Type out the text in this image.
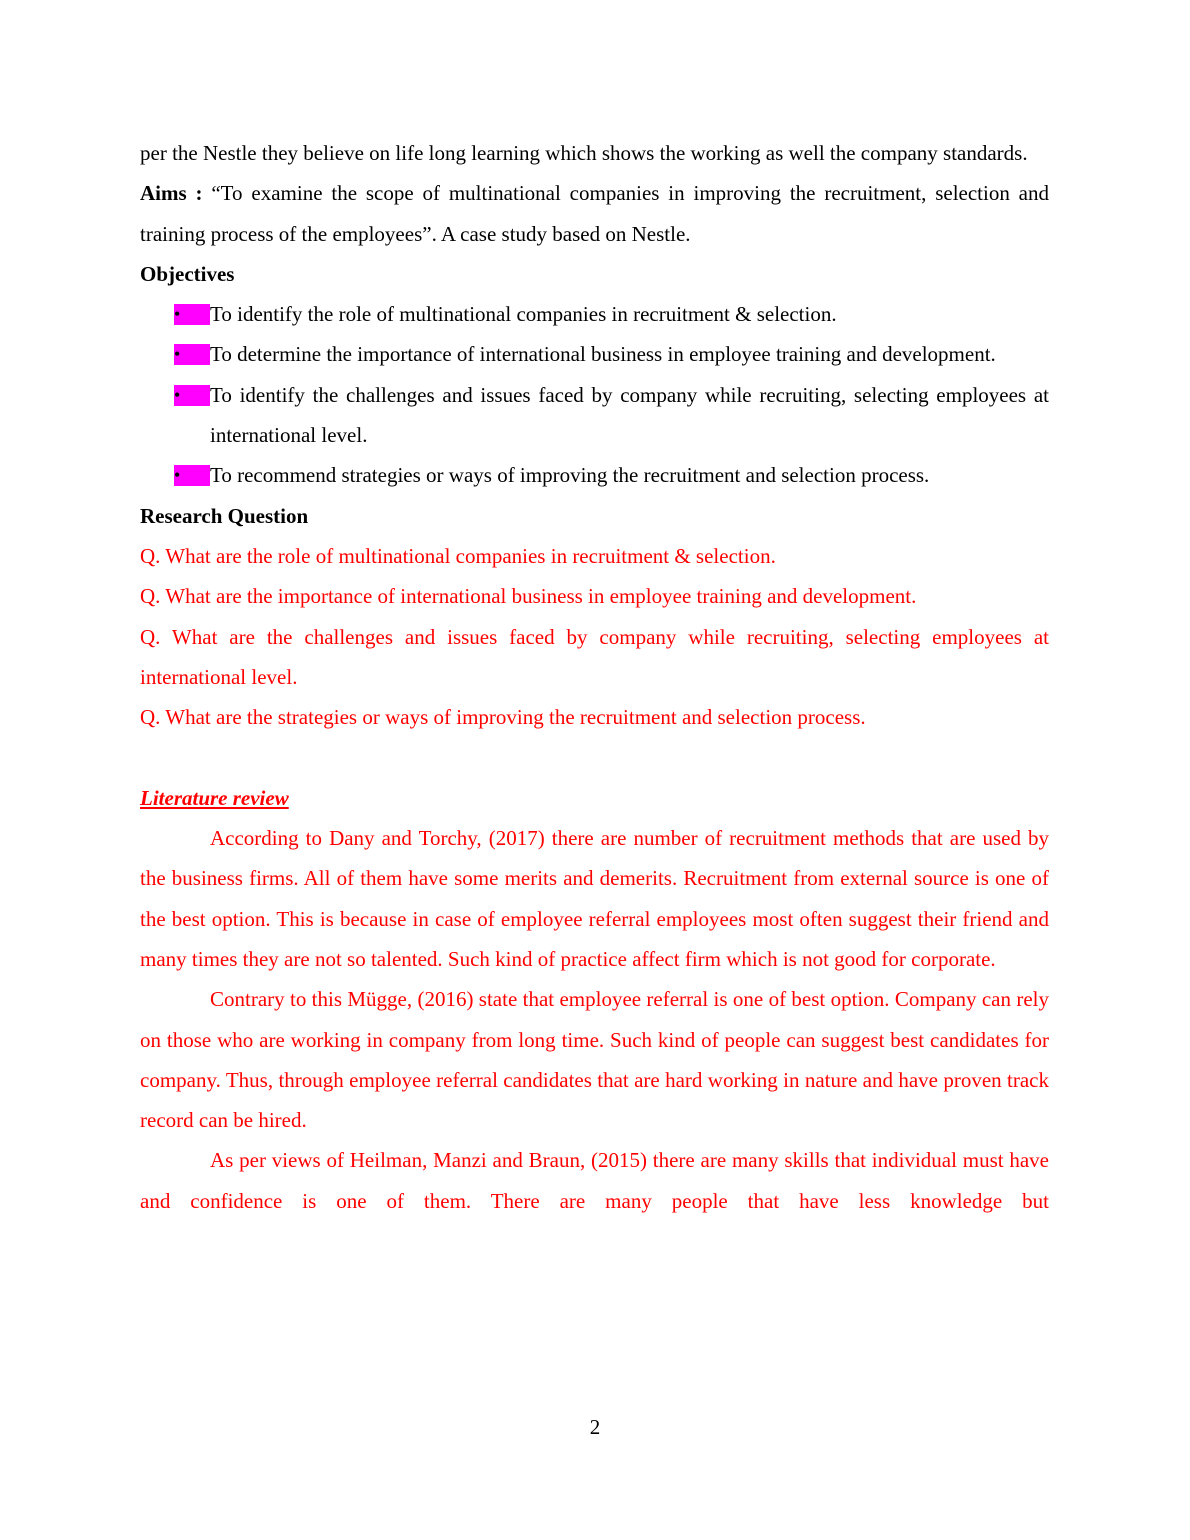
per the Nestle they believe on life long learning which shows the working as well the company standards.

Aims : “To examine the scope of multinational companies in improving the recruitment, selection and training process of the employees”. A case study based on Nestle.

Objectives

• To identify the role of multinational companies in recruitment & selection.
• To determine the importance of international business in employee training and development.
• To identify the challenges and issues faced by company while recruiting, selecting employees at international level.
• To recommend strategies or ways of improving the recruitment and selection process.

Research Question

Q. What are the role of multinational companies in recruitment & selection.

Q. What are the importance of international business in employee training and development.

Q. What are the challenges and issues faced by company while recruiting, selecting employees at international level.

Q. What are the strategies or ways of improving the recruitment and selection process.

Literature review

According to Dany and Torchy, (2017) there are number of recruitment methods that are used by the business firms. All of them have some merits and demerits. Recruitment from external source is one of the best option. This is because in case of employee referral employees most often suggest their friend and many times they are not so talented. Such kind of practice affect firm which is not good for corporate.

Contrary to this Mügge, (2016) state that employee referral is one of best option. Company can rely on those who are working in company from long time. Such kind of people can suggest best candidates for company. Thus, through employee referral candidates that are hard working in nature and have proven track record can be hired.

As per views of Heilman, Manzi and Braun, (2015) there are many skills that individual must have and confidence is one of them. There are many people that have less knowledge but

2
